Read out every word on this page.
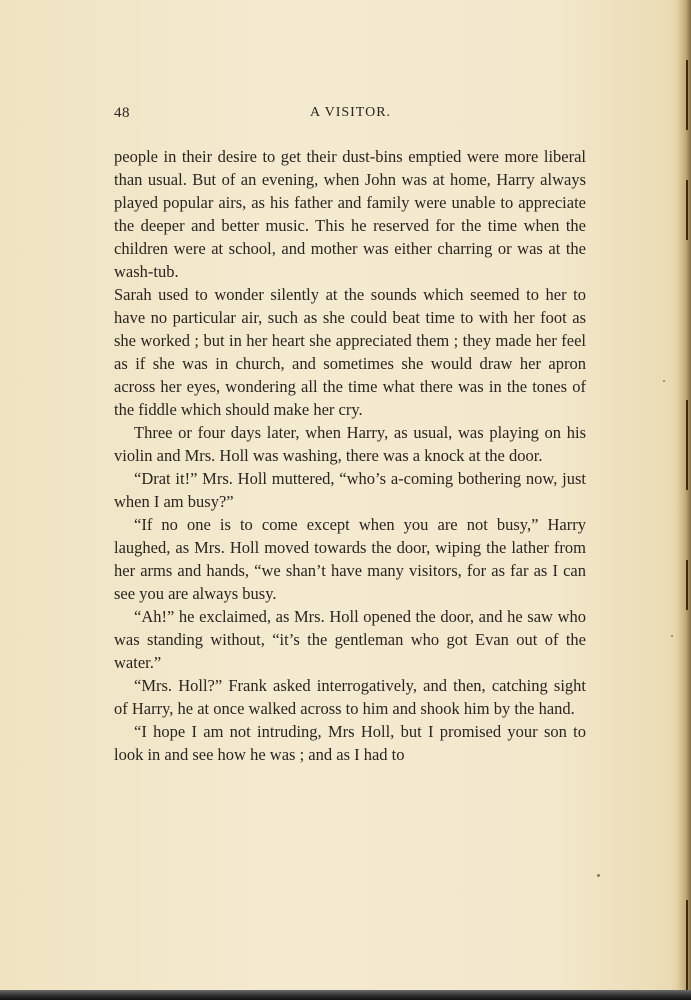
48	A VISITOR.

people in their desire to get their dust-bins emptied were more liberal than usual. But of an evening, when John was at home, Harry always played popular airs, as his father and family were unable to appreciate the deeper and better music. This he reserved for the time when the children were at school, and mother was either charring or was at the wash-tub.

Sarah used to wonder silently at the sounds which seemed to her to have no particular air, such as she could beat time to with her foot as she worked ; but in her heart she appreciated them ; they made her feel as if she was in church, and sometimes she would draw her apron across her eyes, wondering all the time what there was in the tones of the fiddle which should make her cry.

Three or four days later, when Harry, as usual, was playing on his violin and Mrs. Holl was washing, there was a knock at the door.

“Drat it!” Mrs. Holl muttered, “who’s a-coming bothering now, just when I am busy?”

“If no one is to come except when you are not busy,” Harry laughed, as Mrs. Holl moved towards the door, wiping the lather from her arms and hands, “we shan’t have many visitors, for as far as I can see you are always busy.

“Ah!” he exclaimed, as Mrs. Holl opened the door, and he saw who was standing without, “it’s the gentleman who got Evan out of the water.”

“Mrs. Holl?” Frank asked interrogatively, and then, catching sight of Harry, he at once walked across to him and shook him by the hand.

“I hope I am not intruding, Mrs Holl, but I promised your son to look in and see how he was ; and as I had to
